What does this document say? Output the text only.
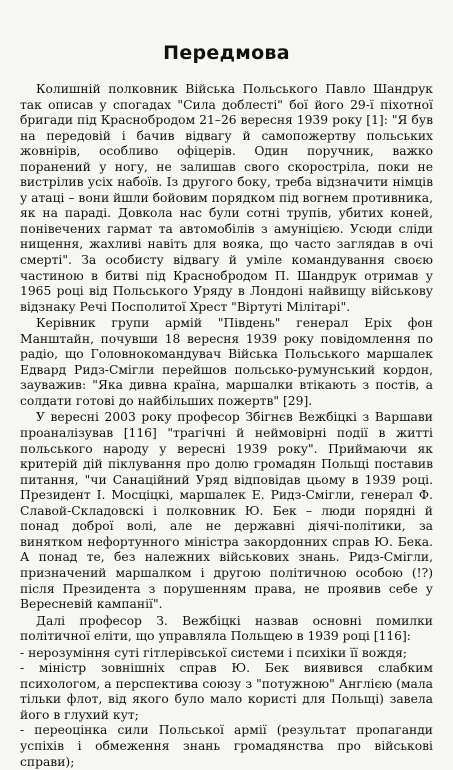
Передмова

Колишній полковник Війська Польського Павло Шандрук так описав у спогадах "Сила доблесті" бої його 29-ї піхотної бригади під Краснобродом 21–26 вересня 1939 року [1]: "Я був на передовій і бачив відвагу й самопожертву польських жовнірів, особливо офіцерів. Один поручник, важко поранений у ногу, не залишав свого скорострiла, поки не вистрілив усіх набоїв. Із другого боку, треба відзначити німців у атаці – вони йшли бойовим порядком під вогнем противника, як на параді. Довкола нас були сотні трупів, убитих коней, понівечених гармат та автомобілів з амуніцією. Усюди сліди нищення, жахливі навіть для вояка, що часто заглядав в очі смерті". За особисту відвагу й уміле командування своєю частиною в битві під Краснобродом П. Шандрук отримав у 1965 році від Польського Уряду в Лондоні найвищу військову відзнаку Речі Посполитої Хрест "Віртуті Мілітарі".

Керівник групи армій "Південь" генерал Ерiх фон Манштайн, почувши 18 вересня 1939 року повідомлення по радіо, що Головнокомандувач Війська Польського маршалек Едвард Ридз-Смігли перейшов польсько-румунський кордон, зауважив: "Яка дивна країна, маршалки втікають з постів, а солдати готові до найбільших пожертв" [29].

У вересні 2003 року професор Збігнєв Вежбіцкі з Варшави проаналізував [116] "трагічні й неймовірні події в житті польського народу у вересні 1939 року". Приймаючи як критерій дій піклування про долю громадян Польщі поставив питання, "чи Санаційний Уряд відповідав цьому в 1939 році. Президент І. Мосціцкі, маршалек Е. Ридз-Смігли, генерал Ф. Славой-Складовскі і полковник Ю. Бек – люди порядні й понад доброї волі, але не державні діячі-політики, за винятком нефортунного міністра закордонних справ Ю. Бека. А понад те, без належних військових знань. Ридз-Смігли, призначений маршалком і другою політичною особою (!?) після Президента з порушенням права, не проявив себе у Вересневій кампанії".

Далі професор З. Вежбіцкі назвав основні помилки політичної еліти, що управляла Польщею в 1939 році [116]:

- нерозуміння суті гітлерівської системи і психіки її вождя;
- міністр зовнішніх справ Ю. Бек виявився слабким психологом, а перспектива союзу з "потужною" Англією (мала тільки флот, від якого було мало користі для Польщі) завела його в глухий кут;
- переоцінка сили Польської армії (результат пропаганди успіхів і обмеження знань громадянства про військові справи);
